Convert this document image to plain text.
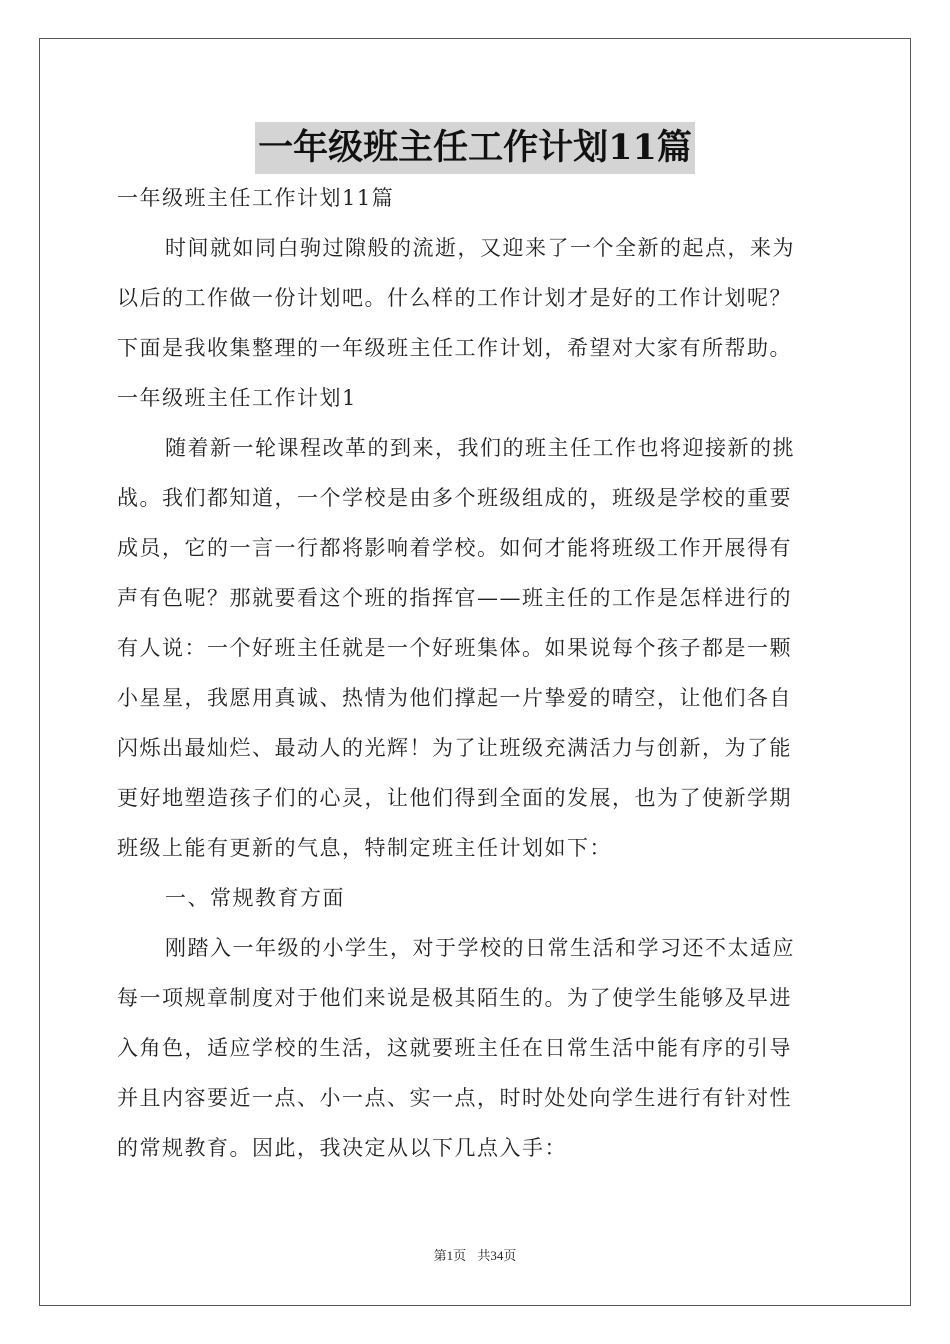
一年级班主任工作计划11篇
一年级班主任工作计划11篇
时间就如同白驹过隙般的流逝，又迎来了一个全新的起点，来为
以后的工作做一份计划吧。什么样的工作计划才是好的工作计划呢？
下面是我收集整理的一年级班主任工作计划，希望对大家有所帮助。
一年级班主任工作计划1
随着新一轮课程改革的到来，我们的班主任工作也将迎接新的挑
战。我们都知道，一个学校是由多个班级组成的，班级是学校的重要
成员，它的一言一行都将影响着学校。如何才能将班级工作开展得有
声有色呢？那就要看这个班的指挥官——班主任的工作是怎样进行的
有人说：一个好班主任就是一个好班集体。如果说每个孩子都是一颗
小星星，我愿用真诚、热情为他们撑起一片挚爱的晴空，让他们各自
闪烁出最灿烂、最动人的光辉！为了让班级充满活力与创新，为了能
更好地塑造孩子们的心灵，让他们得到全面的发展，也为了使新学期
班级上能有更新的气息，特制定班主任计划如下：
一、常规教育方面
刚踏入一年级的小学生，对于学校的日常生活和学习还不太适应
每一项规章制度对于他们来说是极其陌生的。为了使学生能够及早进
入角色，适应学校的生活，这就要班主任在日常生活中能有序的引导
并且内容要近一点、小一点、实一点，时时处处向学生进行有针对性
的常规教育。因此，我决定从以下几点入手：
第1页 共34页
